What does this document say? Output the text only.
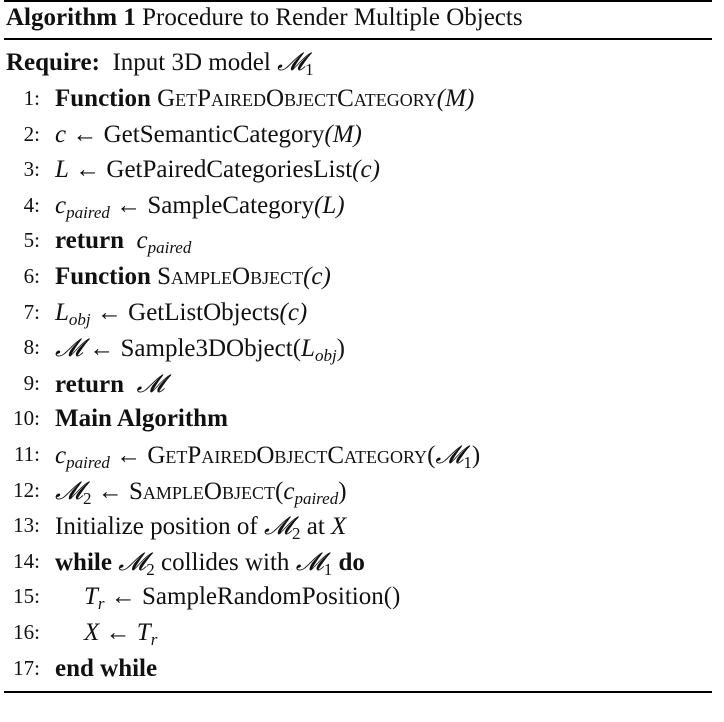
Algorithm 1 Procedure to Render Multiple Objects
Require: Input 3D model 𝓜$_1$
1: Function GetPairedObjectCategory(M)
2: c ← GetSemanticCategory(M)
3: L ← GetPairedCategoriesList(c)
4: $c_{paired}$ ← SampleCategory(L)
5: return $c_{paired}$
6: Function SampleObject(c)
7: $L_{obj}$ ← GetListObjects(c)
8: 𝓜 ← $Sample3DObject(L_{obj})$
9: return 𝓜
10: Main Algorithm
11: $c_{paired}$ ← GetPairedObjectCategory(𝓜$_1$)
12: 𝓜$_2$ ← $SampleObject(c_{paired})$
13: Initialize position of 𝓜$_2$ at X
14: while 𝓜$_2$ collides with 𝓜$_1$ do
15: $T_r$ ← SampleRandomPosition()
16: X ← $T_r$
17: end while
